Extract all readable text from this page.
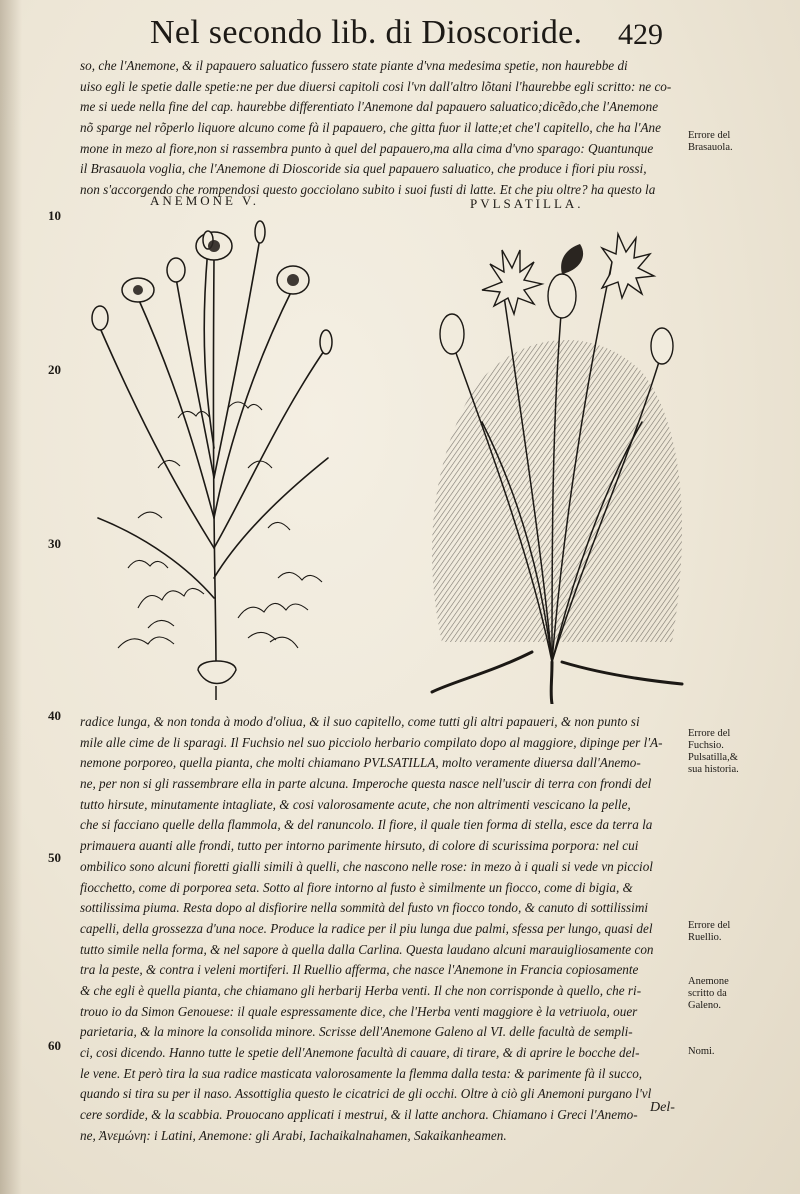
Nel secondo lib. di Dioscoride. 429
so, che l'Anemone, & il papauero saluatico fussero state piante d'vna medesima spetie, non haurebbe di
uiso egli le spetie dalle spetie:ne per due diuersi capitoli cosi l'vn dall'altro lõtani l'haurebbe egli scritto: ne co-
me si uede nella fine del cap. haurebbe differentiato l'Anemone dal papauero saluatico;dicẽdo,che l'Anemone
nõ sparge nel rõperlo liquore alcuno come fà il papauero, che gitta fuor il latte;et che'l capitello, che ha l'Ane
mone in mezo al fiore,non si rassembra punto à quel del papauero,ma alla cima d'vno sparago: Quantunque
il Brasauola voglia, che l'Anemone di Dioscoride sia quel papauero saluatico, che produce i fiori piu rossi,
non s'accorgendo che rompendosi questo gocciolano subito i suoi fusti di latte. Et che piu oltre? ha questo la
ANEMONE V.	PVLSATILLA.
radice lunga, & non tonda à modo d'oliua, & il suo capitello, come tutti gli altri papaueri, & non punto si
mile alle cime de li sparagi. Il Fuchsio nel suo picciolo herbario compilato dopo al maggiore, dipinge per l'A-
nemone porporeo, quella pianta, che molti chiamano PVLSATILLA, molto veramente diuersa dall'Anemo-
ne, per non si gli rassembrare ella in parte alcuna. Imperoche questa nasce nell'uscir di terra con frondi del
tutto hirsute, minutamente intagliate, & cosi valorosamente acute, che non altrimenti vescicano la pelle,
che si facciano quelle della flammola, & del ranuncolo. Il fiore, il quale tien forma di stella, esce da terra la
primauera auanti alle frondi, tutto per intorno parimente hirsuto, di colore di scurissima porpora: nel cui
ombilico sono alcuni fioretti gialli simili à quelli, che nascono nelle rose: in mezo à i quali si vede vn picciol
fiocchetto, come di porporea seta. Sotto al fiore intorno al fusto è similmente un fiocco, come di bigia, &
sottilissima piuma. Resta dopo al disfiorire nella sommità del fusto vn fiocco tondo, & canuto di sottilissimi
capelli, della grossezza d'una noce. Produce la radice per il piu lunga due palmi, sfessa per lungo, quasi del
tutto simile nella forma, & nel sapore à quella dalla Carlina. Questa laudano alcuni marauigliosamente con
tra la peste, & contra i veleni mortiferi. Il Ruellio afferma, che nasce l'Anemone in Francia copiosamente
& che egli è quella pianta, che chiamano gli herbarij Herba venti. Il che non corrisponde à quello, che ri-
trouo io da Simon Genouese: il quale espressamente dice, che l'Herba venti maggiore è la vetriuola, ouer
parietaria, & la minore la consolida minore. Scrisse dell'Anemone Galeno al VI. delle facultà de sempli-
ci, cosi dicendo. Hanno tutte le spetie dell'Anemone facultà di cauare, di tirare, & di aprire le bocche del-
le vene. Et però tira la sua radice masticata valorosamente la flemma dalla testa: & parimente fà il succo,
quando si tira su per il naso. Assottiglia questo le cicatrici de gli occhi. Oltre à ciò gli Anemoni purgano l'vl
cere sordide, & la scabbia. Prouocano applicati i mestrui, & il latte anchora. Chiamano i Greci l'Anemo-
ne, Ἀνεμώνη: i Latini, Anemone: gli Arabi, Iachaikalnahamen, Sakaikanheamen.
10
20
30
40
50
60
Errore del
Brasauola.
Errore del
Fuchsio.
Pulsatilla,&
sua historia.
Errore del
Ruellio.
Anemone
scritto da
Galeno.
Nomi.
Del-
